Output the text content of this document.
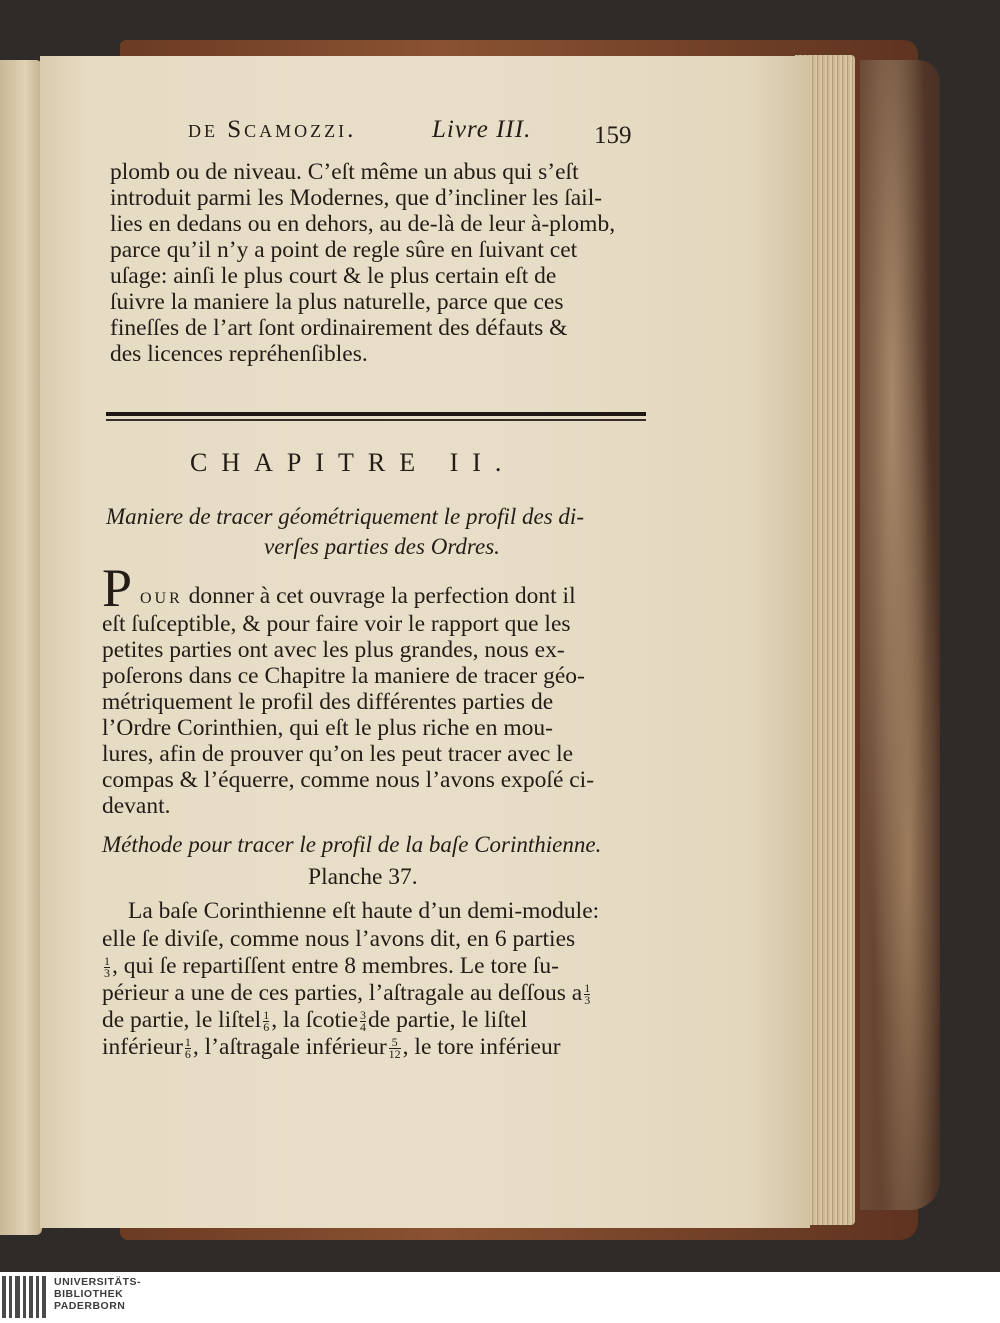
de Scamozzi.	Livre III.	159
plomb ou de niveau. C’eſt même un abus qui s’eſt
introduit parmi les Modernes, que d’incliner les ſail-
lies en dedans ou en dehors, au de-là de leur à-plomb,
parce qu’il n’y a point de regle sûre en ſuivant cet
uſage: ainſi le plus court & le plus certain eſt de
ſuivre la maniere la plus naturelle, parce que ces
fineſſes de l’art ſont ordinairement des défauts &
des licences repréhenſibles.
CHAPITRE II.
Maniere de tracer géométriquement le profil des di-
verſes parties des Ordres.
P our donner à cet ouvrage la perfection dont il
eſt ſuſceptible, & pour faire voir le rapport que les
petites parties ont avec les plus grandes, nous ex-
poſerons dans ce Chapitre la maniere de tracer géo-
métriquement le profil des différentes parties de
l’Ordre Corinthien, qui eſt le plus riche en mou-
lures, afin de prouver qu’on les peut tracer avec le
compas & l’équerre, comme nous l’avons expoſé ci-
devant.
Méthode pour tracer le profil de la baſe Corinthienne.
Planche 37.
La baſe Corinthienne eſt haute d’un demi-module:
elle ſe diviſe, comme nous l’avons dit, en 6 parties
$\frac{1}{3}$ , qui ſe repartiſſent entre 8 membres. Le tore ſu-
périeur a une de ces parties, l’aſtragale au deſſous a $\frac{1}{3}$
de partie, le liſtel $\frac{1}{6}$ , la ſcotie $\frac{3}{4}$ de partie, le liſtel
inférieur $\frac{1}{6}$ , l’aſtragale inférieur $\frac{5}{12}$ , le tore inférieur
UNIVERSITÄTS-
BIBLIOTHEK
PADERBORN
